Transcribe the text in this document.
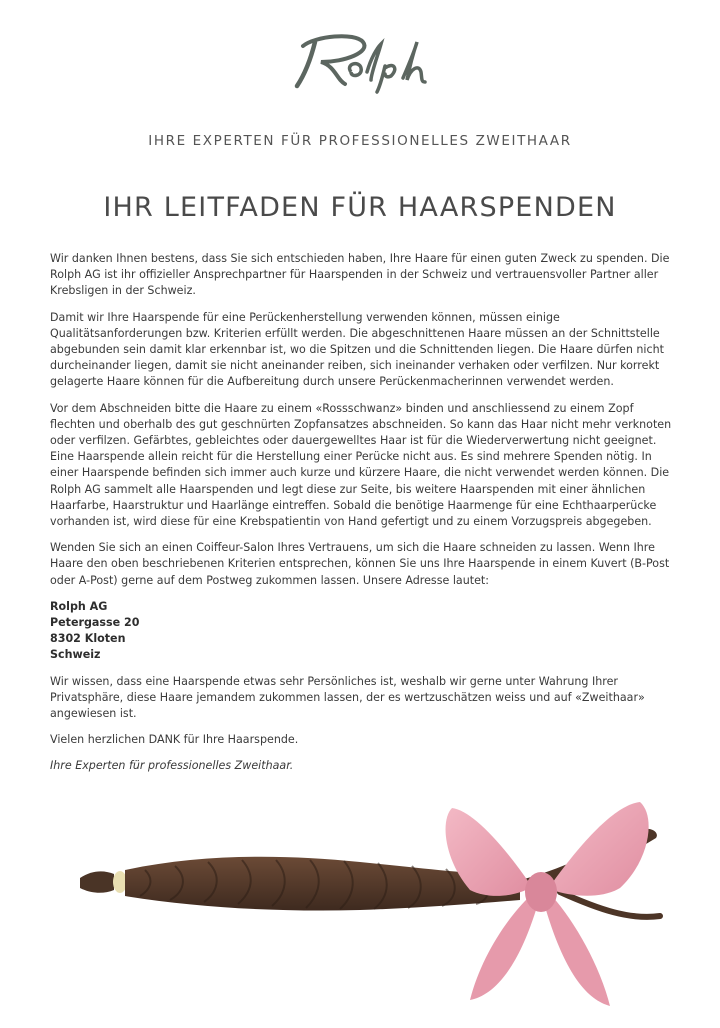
IHRE EXPERTEN FÜR PROFESSIONELLES ZWEITHAAR
IHR LEITFADEN FÜR HAARSPENDEN

Wir danken Ihnen bestens, dass Sie sich entschieden haben, Ihre Haare für einen guten Zweck zu spenden. Die Rolph AG ist ihr offizieller Ansprechpartner für Haarspenden in der Schweiz und vertrauensvoller Partner aller Krebsligen in der Schweiz.

Damit wir Ihre Haarspende für eine Perückenherstellung verwenden können, müssen einige Qualitätsanforderungen bzw. Kriterien erfüllt werden. Die abgeschnittenen Haare müssen an der Schnittstelle abgebunden sein damit klar erkennbar ist, wo die Spitzen und die Schnittenden liegen. Die Haare dürfen nicht durcheinander liegen, damit sie nicht aneinander reiben, sich ineinander verhaken oder verfilzen. Nur korrekt gelagerte Haare können für die Aufbereitung durch unsere Perückenmacherinnen verwendet werden.

Vor dem Abschneiden bitte die Haare zu einem «Rossschwanz» binden und anschliessend zu einem Zopf flechten und oberhalb des gut geschnürten Zopfansatzes abschneiden. So kann das Haar nicht mehr verknoten oder verfilzen. Gefärbtes, gebleichtes oder dauergewelltes Haar ist für die Wiederverwertung nicht geeignet. Eine Haarspende allein reicht für die Herstellung einer Perücke nicht aus. Es sind mehrere Spenden nötig. In einer Haarspende befinden sich immer auch kurze und kürzere Haare, die nicht verwendet werden können. Die Rolph AG sammelt alle Haarspenden und legt diese zur Seite, bis weitere Haarspenden mit einer ähnlichen Haarfarbe, Haarstruktur und Haarlänge eintreffen. Sobald die benötige Haarmenge für eine Echthaarperücke vorhanden ist, wird diese für eine Krebspatientin von Hand gefertigt und zu einem Vorzugspreis abgegeben.

Wenden Sie sich an einen Coiffeur-Salon Ihres Vertrauens, um sich die Haare schneiden zu lassen. Wenn Ihre Haare den oben beschriebenen Kriterien entsprechen, können Sie uns Ihre Haarspende in einem Kuvert (B-Post oder A-Post) gerne auf dem Postweg zukommen lassen. Unsere Adresse lautet:

Rolph AG
Petergasse 20
8302 Kloten
Schweiz

Wir wissen, dass eine Haarspende etwas sehr Persönliches ist, weshalb wir gerne unter Wahrung Ihrer Privatsphäre, diese Haare jemandem zukommen lassen, der es wertzuschätzen weiss und auf «Zweithaar» angewiesen ist.

Vielen herzlichen DANK für Ihre Haarspende.

Ihre Experten für professionelles Zweithaar.
